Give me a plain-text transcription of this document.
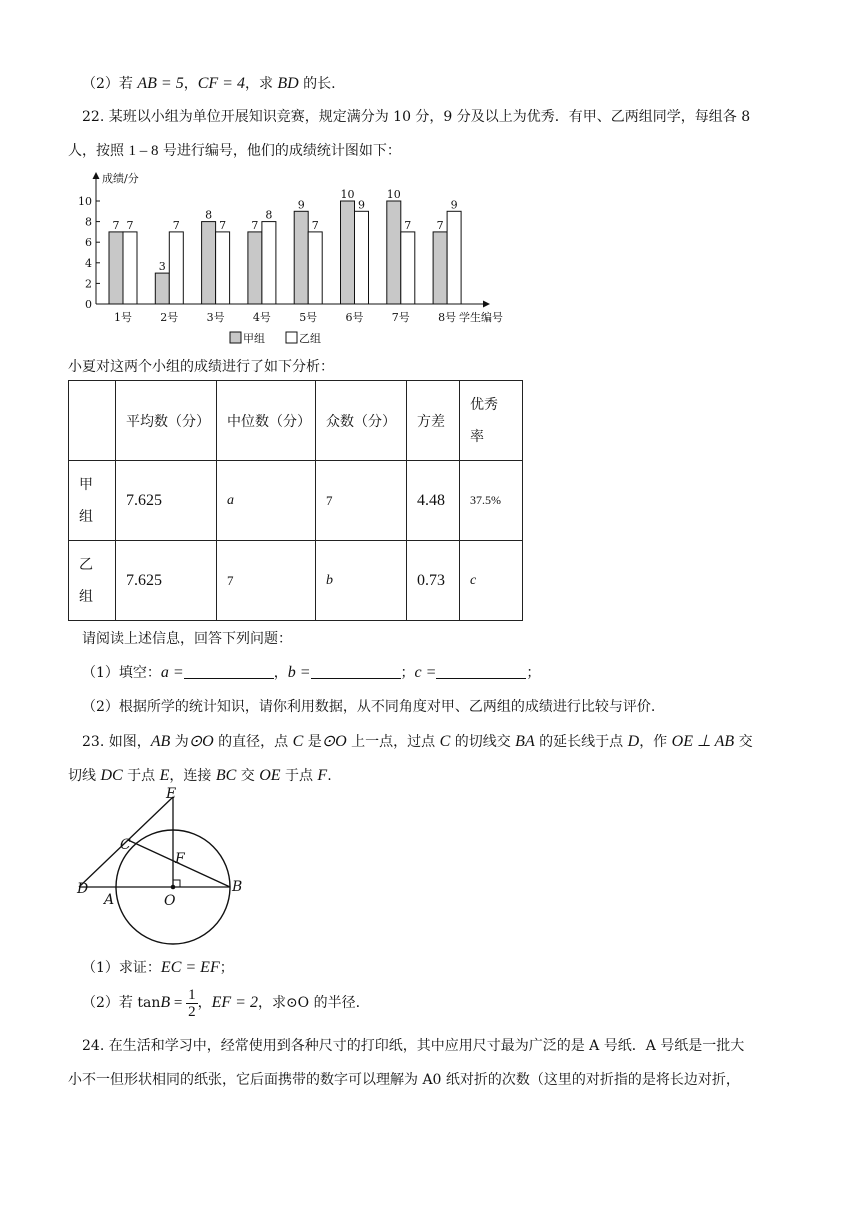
（2）若 AB = 5，CF = 4，求 BD 的长.
22. 某班以小组为单位开展知识竞赛，规定满分为 10 分，9 分及以上为优秀．有甲、乙两组同学，每组各 8
人，按照 1 – 8 号进行编号，他们的成绩统计图如下：
成绩/分
0
2
4
6
8
10
7 7
1号
3
7
2号
8
7
3号
7
8
4号
9
7
5号
10
9
6号
10
7
7号
7
9
8号 学生编号
甲组	乙组
小夏对这两个小组的成绩进行了如下分析：
	平均数（分）	中位数（分）	众数（分）	方差	优秀
率
甲
组	7.625	a	7	4.48	37.5%
乙
组	7.625	7	b	0.73	c
请阅读上述信息，回答下列问题：
（1）填空：a =	，b =	；c =	；
（2）根据所学的统计知识，请你利用数据，从不同角度对甲、乙两组的成绩进行比较与评价.
23. 如图，AB 为⊙O 的直径，点 C 是⊙O 上一点，过点 C 的切线交 BA 的延长线于点 D，作 OE ⊥ AB 交
切线 DC 于点 E，连接 BC 交 OE 于点 F.
E
C
F
D
A	O
B
（1）求证：EC = EF；
（2）若 $\tan B = \frac{1}{2}$ ，EF = 2，求⊙O 的半径.
24. 在生活和学习中，经常使用到各种尺寸的打印纸，其中应用尺寸最为广泛的是 A 号纸．A 号纸是一批大
小不一但形状相同的纸张，它后面携带的数字可以理解为 A0 纸对折的次数（这里的对折指的是将长边对折，
